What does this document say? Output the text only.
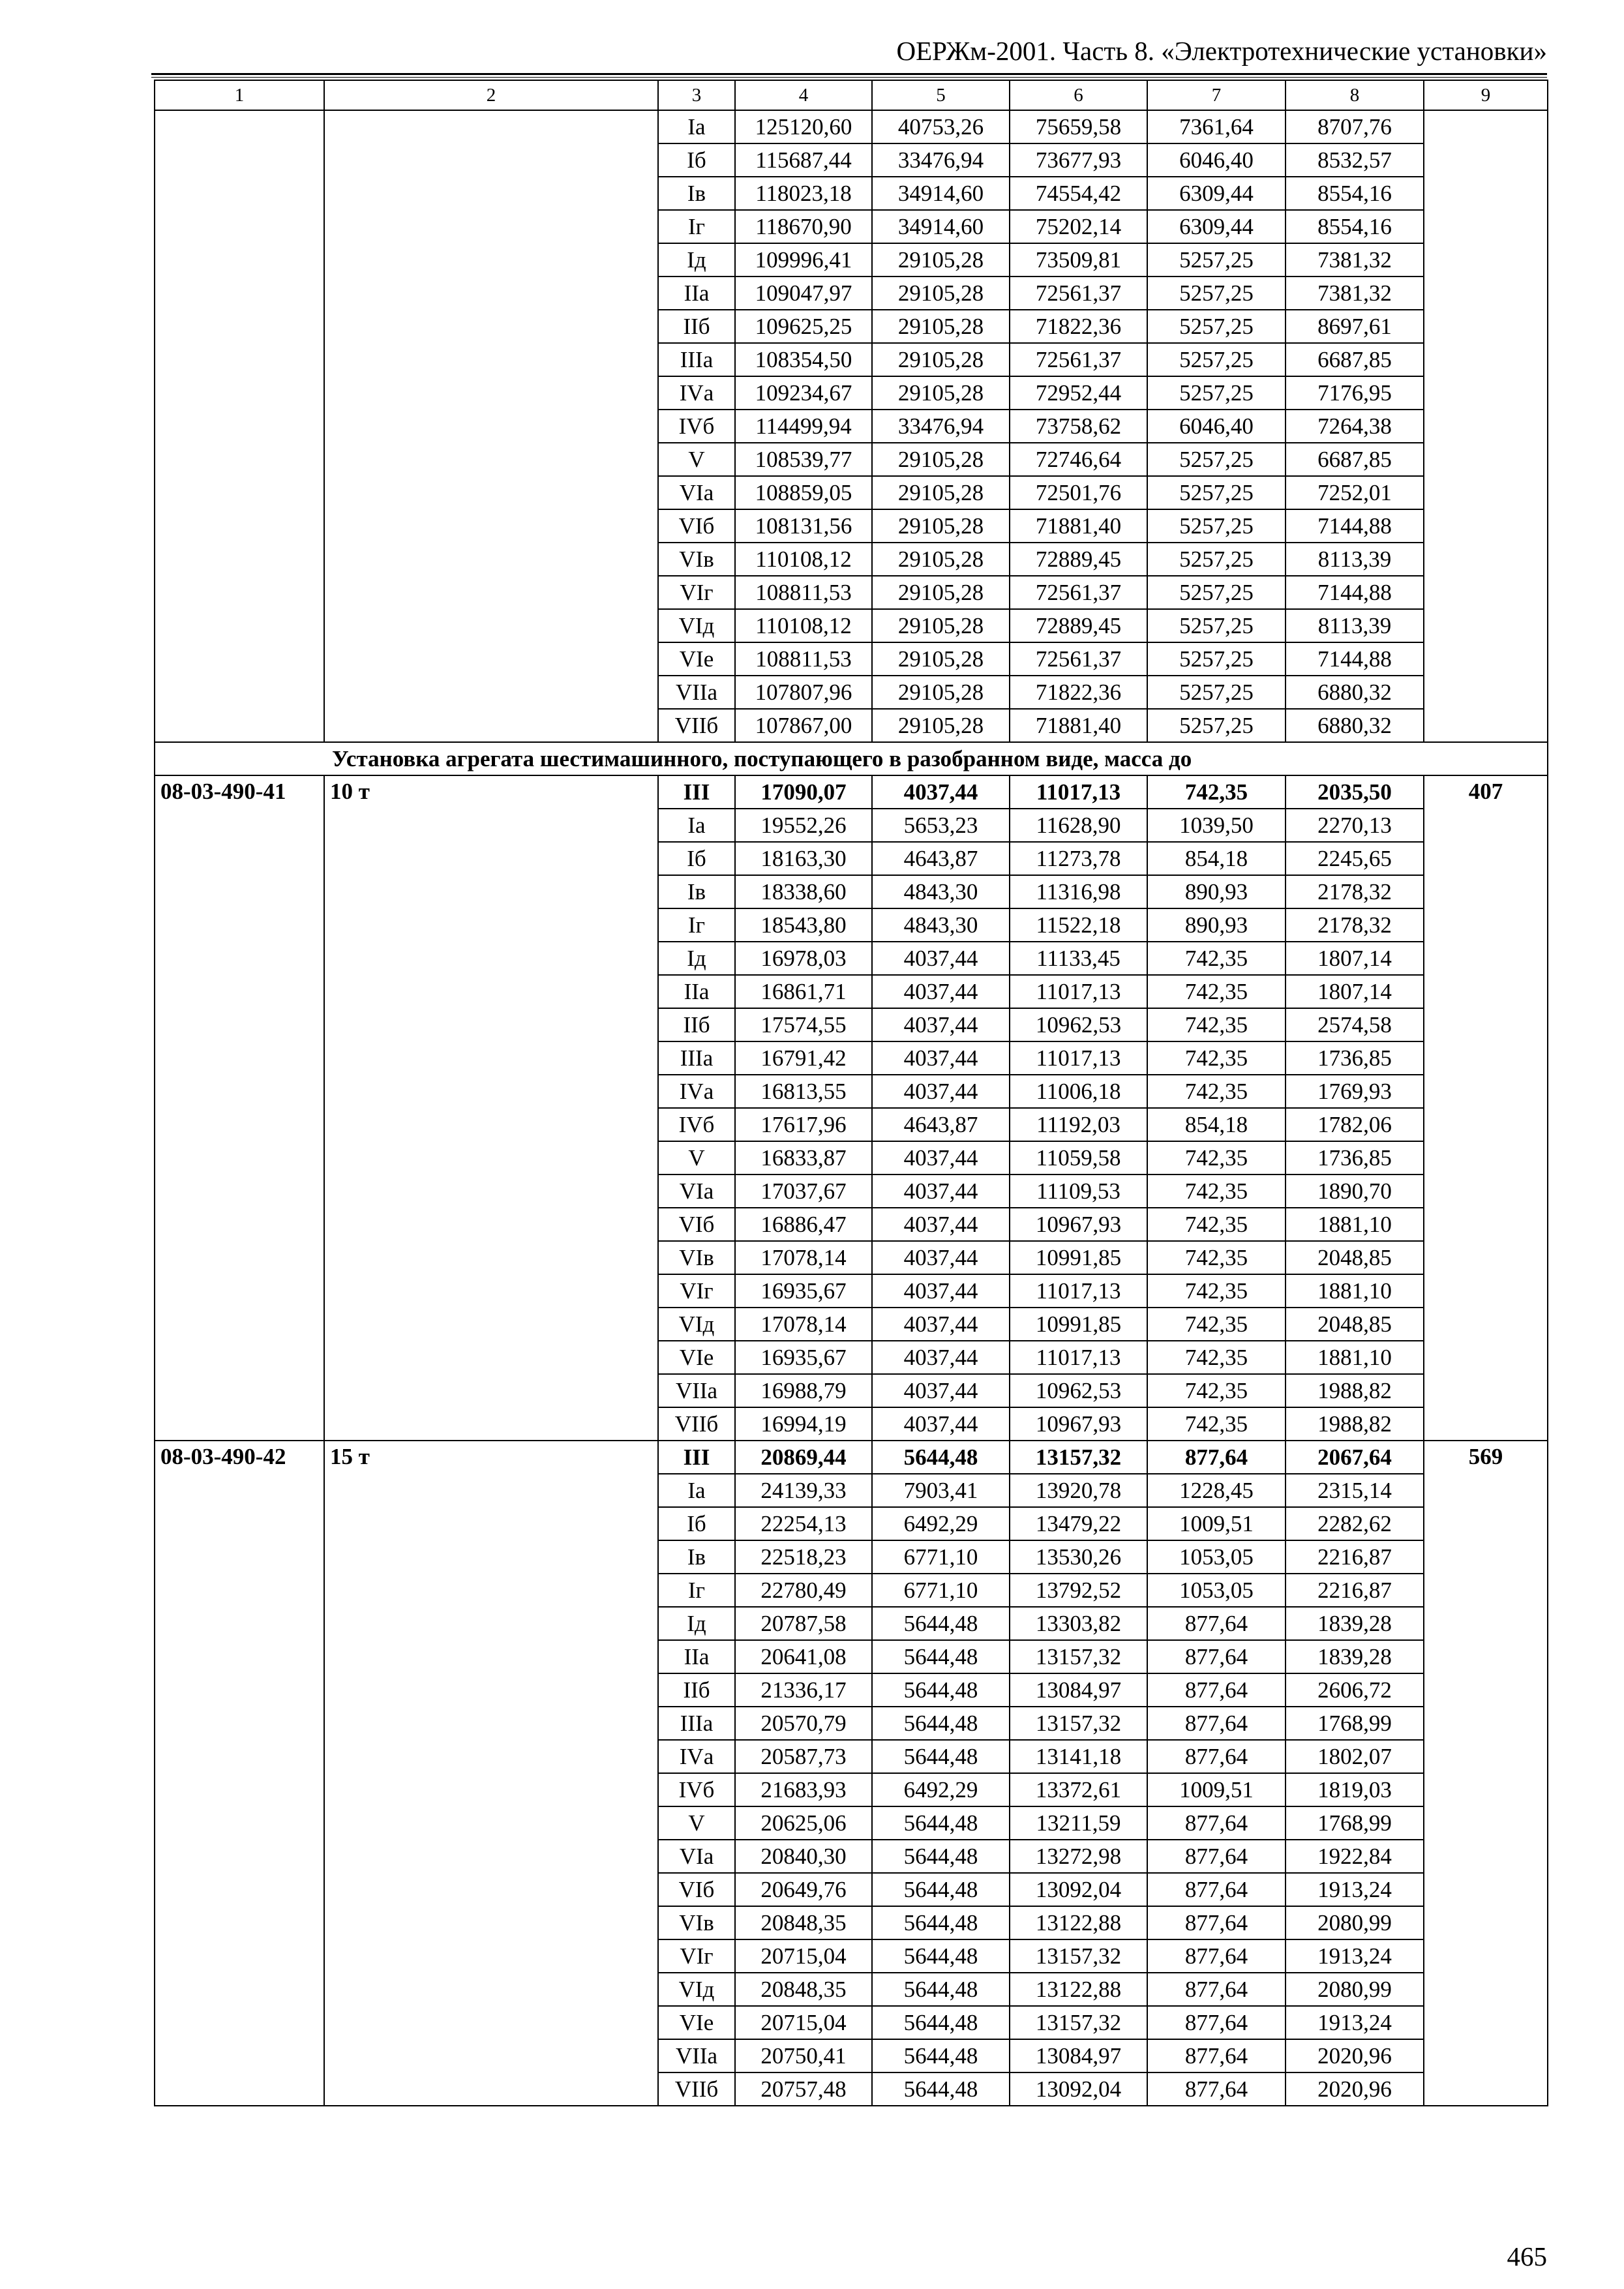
ОЕРЖм-2001. Часть 8. «Электротехнические установки»
1	2	3	4	5	6	7	8	9
		Iа	125120,60	40753,26	75659,58	7361,64	8707,76	
		Iб	115687,44	33476,94	73677,93	6046,40	8532,57	
		Iв	118023,18	34914,60	74554,42	6309,44	8554,16	
		Iг	118670,90	34914,60	75202,14	6309,44	8554,16	
		Iд	109996,41	29105,28	73509,81	5257,25	7381,32	
		IIа	109047,97	29105,28	72561,37	5257,25	7381,32	
		IIб	109625,25	29105,28	71822,36	5257,25	8697,61	
		IIIа	108354,50	29105,28	72561,37	5257,25	6687,85	
		IVа	109234,67	29105,28	72952,44	5257,25	7176,95	
		IVб	114499,94	33476,94	73758,62	6046,40	7264,38	
		V	108539,77	29105,28	72746,64	5257,25	6687,85	
		VIа	108859,05	29105,28	72501,76	5257,25	7252,01	
		VIб	108131,56	29105,28	71881,40	5257,25	7144,88	
		VIв	110108,12	29105,28	72889,45	5257,25	8113,39	
		VIг	108811,53	29105,28	72561,37	5257,25	7144,88	
		VIд	110108,12	29105,28	72889,45	5257,25	8113,39	
		VIе	108811,53	29105,28	72561,37	5257,25	7144,88	
		VIIа	107807,96	29105,28	71822,36	5257,25	6880,32	
		VIIб	107867,00	29105,28	71881,40	5257,25	6880,32	
Установка агрегата шестимашинного, поступающего в разобранном виде, масса до								
08-03-490-41	10 т	III	17090,07	4037,44	11017,13	742,35	2035,50	407
		Iа	19552,26	5653,23	11628,90	1039,50	2270,13	
		Iб	18163,30	4643,87	11273,78	854,18	2245,65	
		Iв	18338,60	4843,30	11316,98	890,93	2178,32	
		Iг	18543,80	4843,30	11522,18	890,93	2178,32	
		Iд	16978,03	4037,44	11133,45	742,35	1807,14	
		IIа	16861,71	4037,44	11017,13	742,35	1807,14	
		IIб	17574,55	4037,44	10962,53	742,35	2574,58	
		IIIа	16791,42	4037,44	11017,13	742,35	1736,85	
		IVа	16813,55	4037,44	11006,18	742,35	1769,93	
		IVб	17617,96	4643,87	11192,03	854,18	1782,06	
		V	16833,87	4037,44	11059,58	742,35	1736,85	
		VIа	17037,67	4037,44	11109,53	742,35	1890,70	
		VIб	16886,47	4037,44	10967,93	742,35	1881,10	
		VIв	17078,14	4037,44	10991,85	742,35	2048,85	
		VIг	16935,67	4037,44	11017,13	742,35	1881,10	
		VIд	17078,14	4037,44	10991,85	742,35	2048,85	
		VIе	16935,67	4037,44	11017,13	742,35	1881,10	
		VIIа	16988,79	4037,44	10962,53	742,35	1988,82	
		VIIб	16994,19	4037,44	10967,93	742,35	1988,82	
08-03-490-42	15 т	III	20869,44	5644,48	13157,32	877,64	2067,64	569
		Iа	24139,33	7903,41	13920,78	1228,45	2315,14	
		Iб	22254,13	6492,29	13479,22	1009,51	2282,62	
		Iв	22518,23	6771,10	13530,26	1053,05	2216,87	
		Iг	22780,49	6771,10	13792,52	1053,05	2216,87	
		Iд	20787,58	5644,48	13303,82	877,64	1839,28	
		IIа	20641,08	5644,48	13157,32	877,64	1839,28	
		IIб	21336,17	5644,48	13084,97	877,64	2606,72	
		IIIа	20570,79	5644,48	13157,32	877,64	1768,99	
		IVа	20587,73	5644,48	13141,18	877,64	1802,07	
		IVб	21683,93	6492,29	13372,61	1009,51	1819,03	
		V	20625,06	5644,48	13211,59	877,64	1768,99	
		VIа	20840,30	5644,48	13272,98	877,64	1922,84	
		VIб	20649,76	5644,48	13092,04	877,64	1913,24	
		VIв	20848,35	5644,48	13122,88	877,64	2080,99	
		VIг	20715,04	5644,48	13157,32	877,64	1913,24	
		VIд	20848,35	5644,48	13122,88	877,64	2080,99	
		VIе	20715,04	5644,48	13157,32	877,64	1913,24	
		VIIа	20750,41	5644,48	13084,97	877,64	2020,96	
		VIIб	20757,48	5644,48	13092,04	877,64	2020,96	
465
